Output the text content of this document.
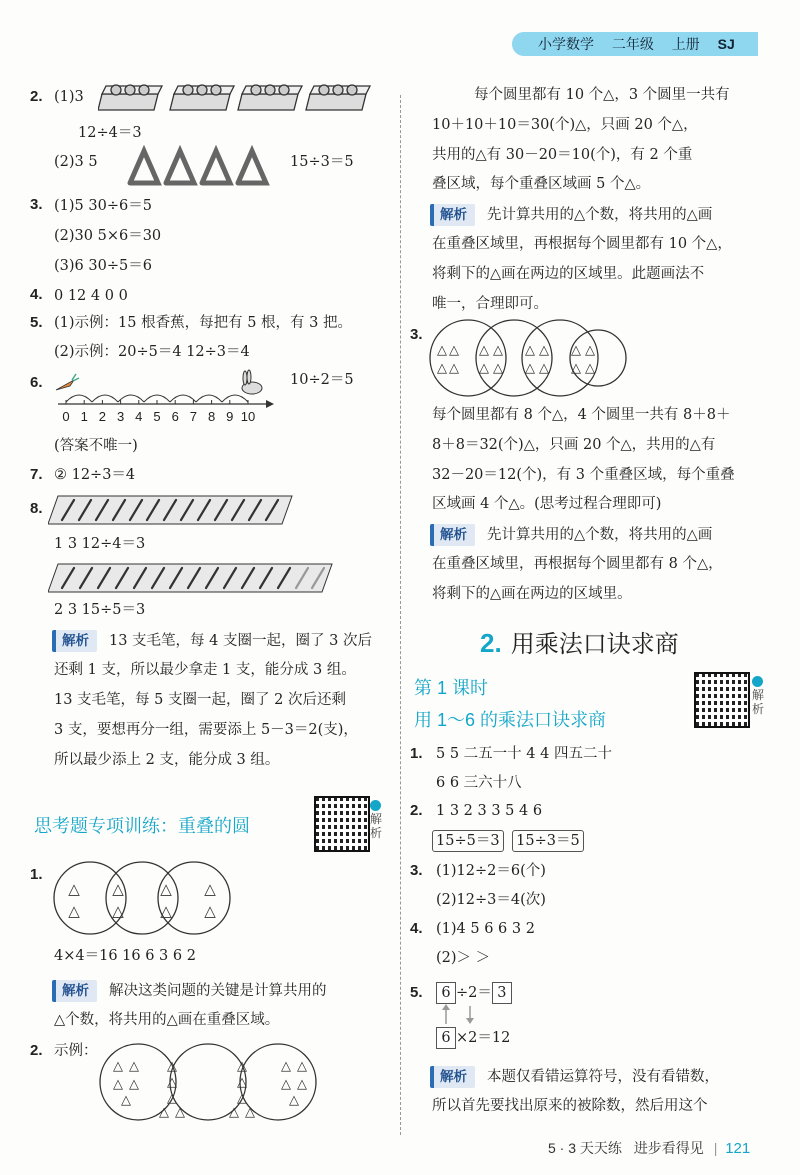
小学数学 二年级 上册 SJ
2. (1)3
12÷4＝3
(2)3 5	15÷3＝5
3. (1)5 30÷6＝5
(2)30 5×6＝30
(3)6 30÷5＝6
4. 0 12 4 0 0
5. (1)示例：15 根香蕉，每把有 5 根，有 3 把。
(2)示例：20÷5＝4 12÷3＝4
6.
0 1 2 3 4 5 6 7 8 9 10
10÷2＝5
(答案不唯一)
7. ② 12÷3＝4
8.
1 3 12÷4＝3
2 3 15÷5＝3
解析 13 支毛笔，每 4 支圈一起，圈了 3 次后
还剩 1 支，所以最少拿走 1 支，能分成 3 组。
13 支毛笔，每 5 支圈一起，圈了 2 次后还剩
3 支，要想再分一组，需要添上 5－3＝2(支)，
所以最少添上 2 支，能分成 3 组。
思考题专项训练：重叠的圆	解析
1.
△
△
△
△
△
△
△
△
4×4＝16 16 6 3 6 2
解析 解决这类问题的关键是计算共用的
△个数，将共用的△画在重叠区域。
2. 示例：
△ △
△ △
△
△
△
△
△ △
△
△
△
△ △
△ △
△ △
△
每个圆里都有 10 个△，3 个圆里一共有
10＋10＋10＝30(个)△，只画 20 个△，
共用的△有 30－20＝10(个)，有 2 个重
叠区域，每个重叠区域画 5 个△。
解析 先计算共用的△个数，将共用的△画
在重叠区域里，再根据每个圆里都有 10 个△，
将剩下的△画在两边的区域里。此题画法不
唯一，合理即可。
3.
△ △
△ △
△ △
△ △
△ △
△ △
△ △
△ △
每个圆里都有 8 个△，4 个圆里一共有 8＋8＋
8＋8＝32(个)△，只画 20 个△，共用的△有
32－20＝12(个)，有 3 个重叠区域，每个重叠
区域画 4 个△。(思考过程合理即可)
解析 先计算共用的△个数，将共用的△画
在重叠区域里，再根据每个圆里都有 8 个△，
将剩下的△画在两边的区域里。
2. 用乘法口诀求商
第 1 课时
用 1～6 的乘法口诀求商
解析
1. 5 5 二五一十 4 4 四五二十
6 6 三六十八
2. 1 3 2 3 3 5 4 6
15÷5＝3 15÷3＝5
3. (1)12÷2＝6(个)
(2)12÷3＝4(次)
4. (1)4 5 6 6 3 2
(2)＞ ＞
5.	6 ÷2＝ 3
6 ×2＝12
解析 本题仅看错运算符号，没有看错数，
所以首先要找出原来的被除数，然后用这个
5 · 3 天天练 进步看得见 | 121
